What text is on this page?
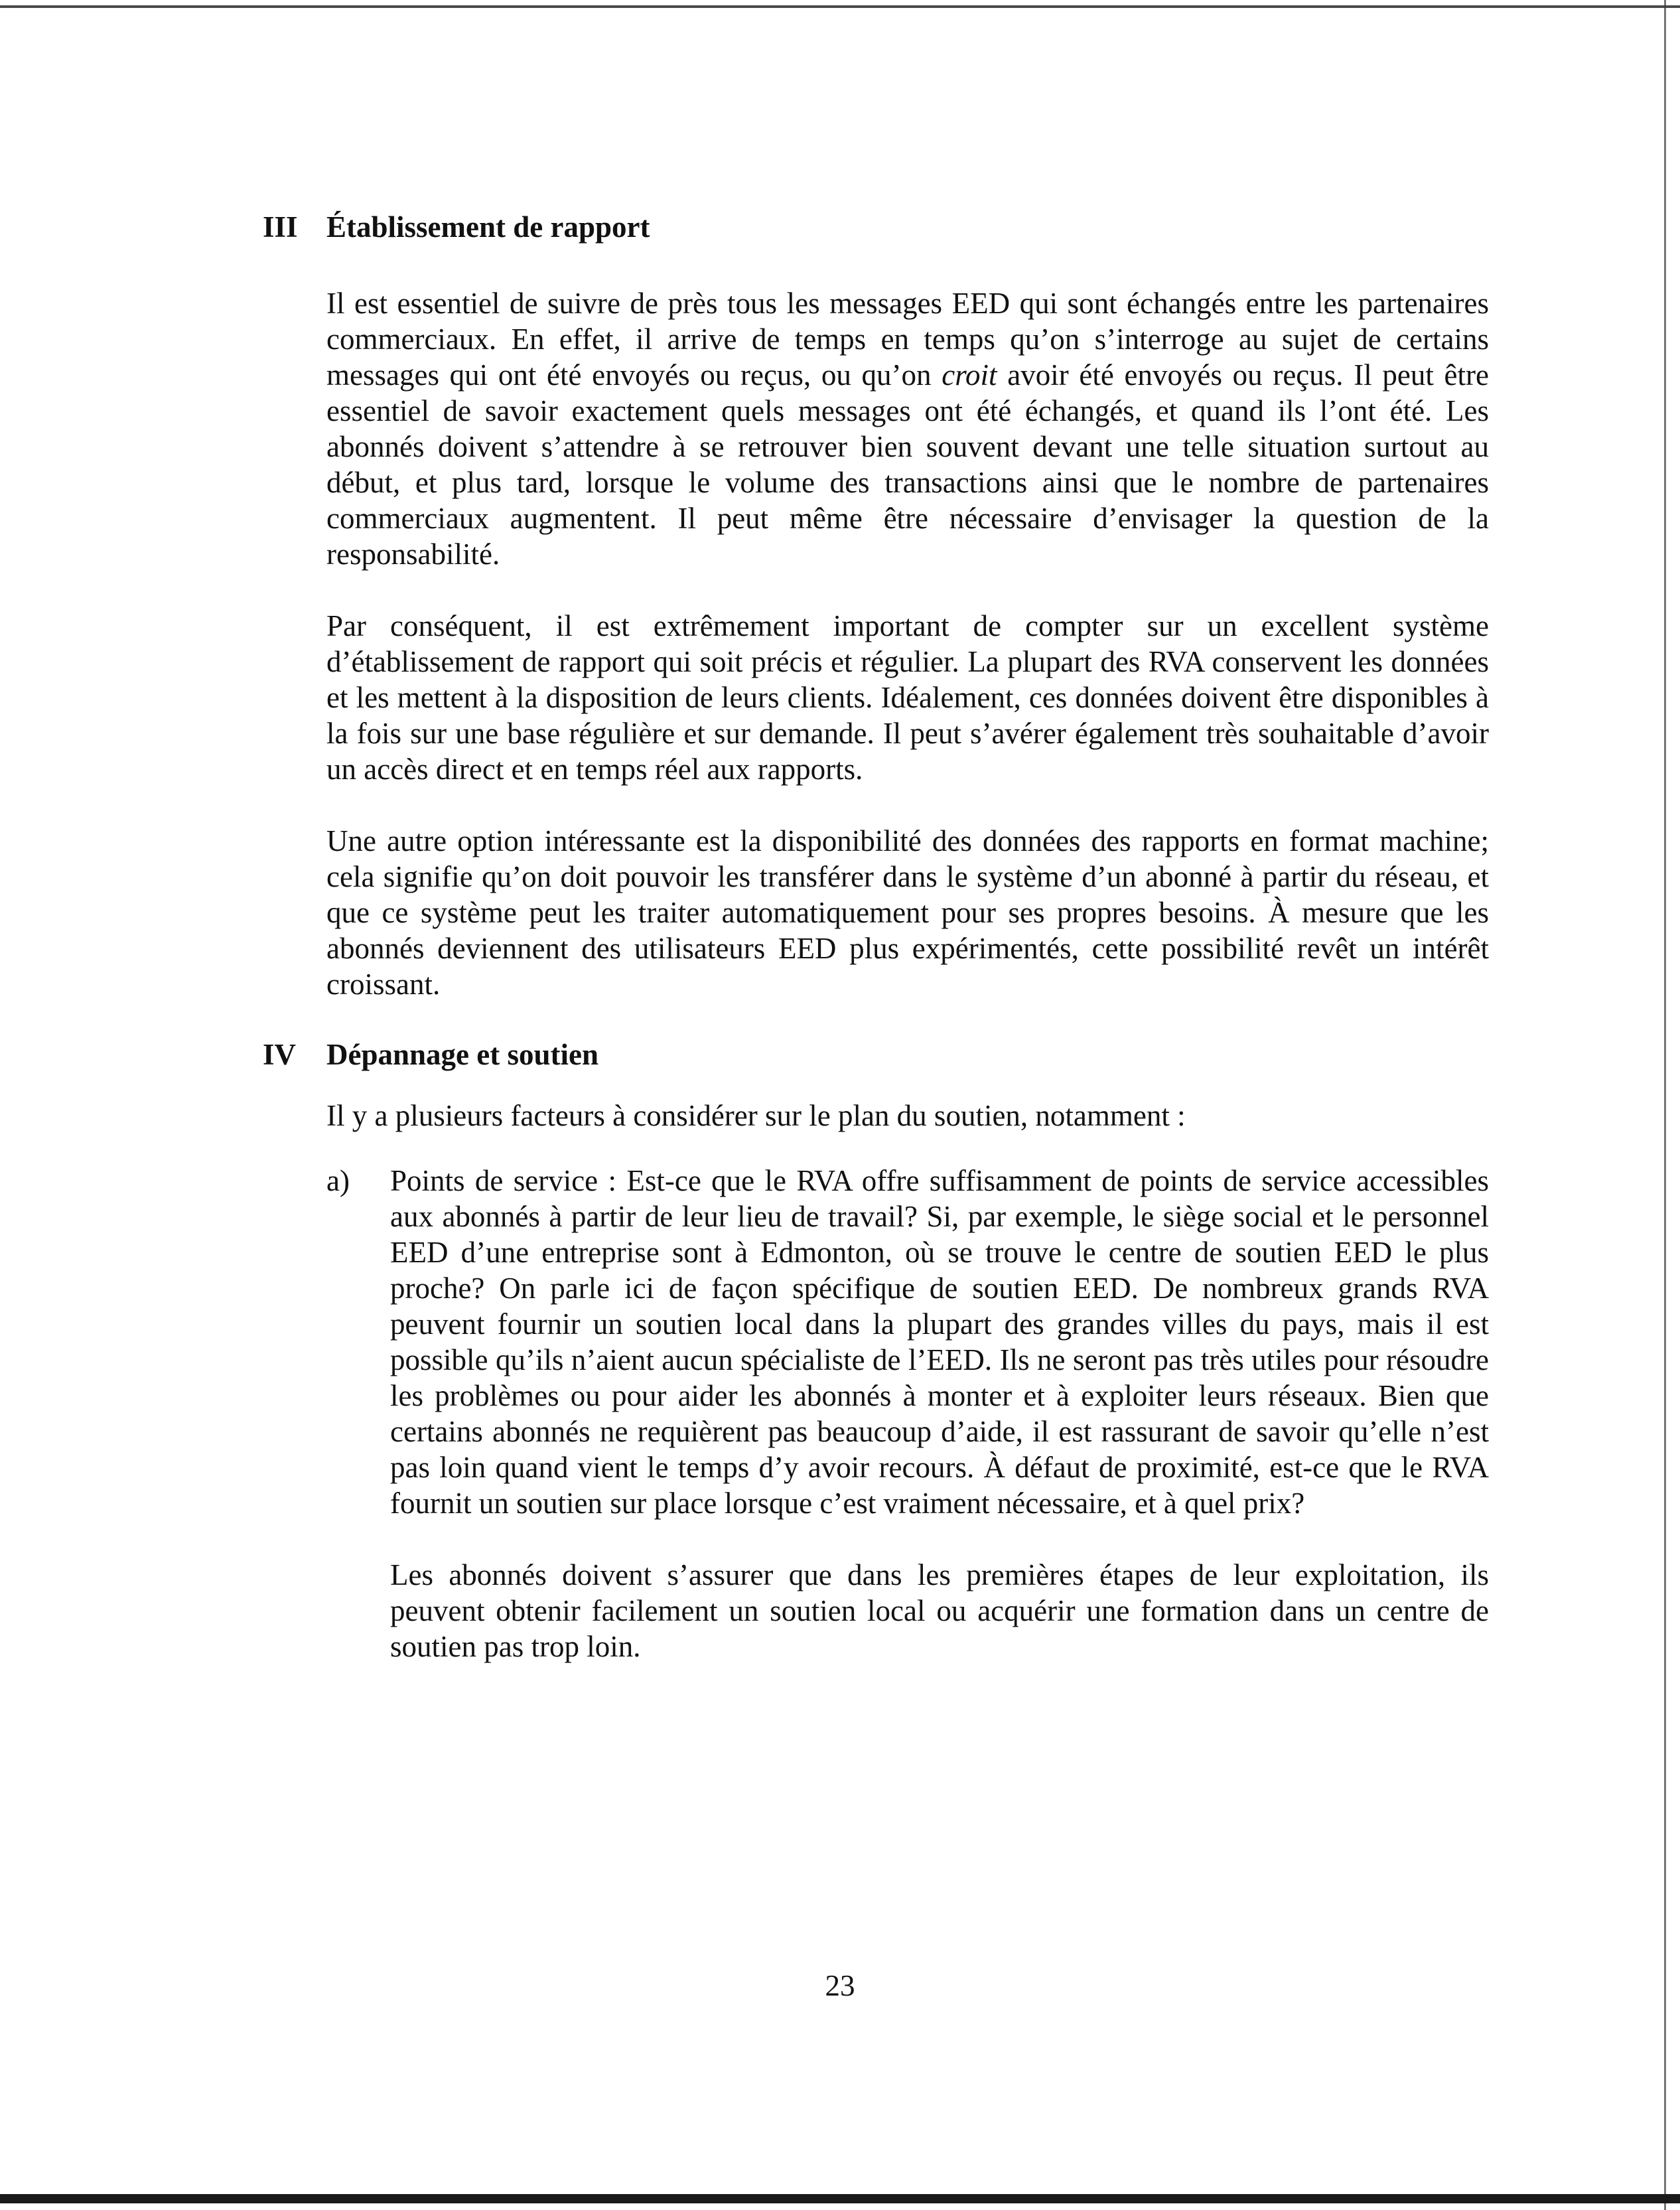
III Établissement de rapport

Il est essentiel de suivre de près tous les messages EED qui sont échangés entre les partenaires commerciaux. En effet, il arrive de temps en temps qu’on s’interroge au sujet de certains messages qui ont été envoyés ou reçus, ou qu’on croit avoir été envoyés ou reçus. Il peut être essentiel de savoir exactement quels messages ont été échangés, et quand ils l’ont été. Les abonnés doivent s’attendre à se retrouver bien souvent devant une telle situation surtout au début, et plus tard, lorsque le volume des transactions ainsi que le nombre de partenaires commerciaux augmentent. Il peut même être nécessaire d’envisager la question de la responsabilité.

Par conséquent, il est extrêmement important de compter sur un excellent système d’établissement de rapport qui soit précis et régulier. La plupart des RVA conservent les données et les mettent à la disposition de leurs clients. Idéalement, ces données doivent être disponibles à la fois sur une base régulière et sur demande. Il peut s’avérer également très souhaitable d’avoir un accès direct et en temps réel aux rapports.

Une autre option intéressante est la disponibilité des données des rapports en format machine; cela signifie qu’on doit pouvoir les transférer dans le système d’un abonné à partir du réseau, et que ce système peut les traiter automatiquement pour ses propres besoins. À mesure que les abonnés deviennent des utilisateurs EED plus expérimentés, cette possibilité revêt un intérêt croissant.

IV	Dépannage et soutien

Il y a plusieurs facteurs à considérer sur le plan du soutien, notamment :

a)	Points de service : Est-ce que le RVA offre suffisamment de points de service accessibles aux abonnés à partir de leur lieu de travail? Si, par exemple, le siège social et le personnel EED d’une entreprise sont à Edmonton, où se trouve le centre de soutien EED le plus proche? On parle ici de façon spécifique de soutien EED. De nombreux grands RVA peuvent fournir un soutien local dans la plupart des grandes villes du pays, mais il est possible qu’ils n’aient aucun spécialiste de l’EED. Ils ne seront pas très utiles pour résoudre les problèmes ou pour aider les abonnés à monter et à exploiter leurs réseaux. Bien que certains abonnés ne requièrent pas beaucoup d’aide, il est rassurant de savoir qu’elle n’est pas loin quand vient le temps d’y avoir recours. À défaut de proximité, est-ce que le RVA fournit un soutien sur place lorsque c’est vraiment nécessaire, et à quel prix?

Les abonnés doivent s’assurer que dans les premières étapes de leur exploitation, ils peuvent obtenir facilement un soutien local ou acquérir une formation dans un centre de soutien pas trop loin.

23
